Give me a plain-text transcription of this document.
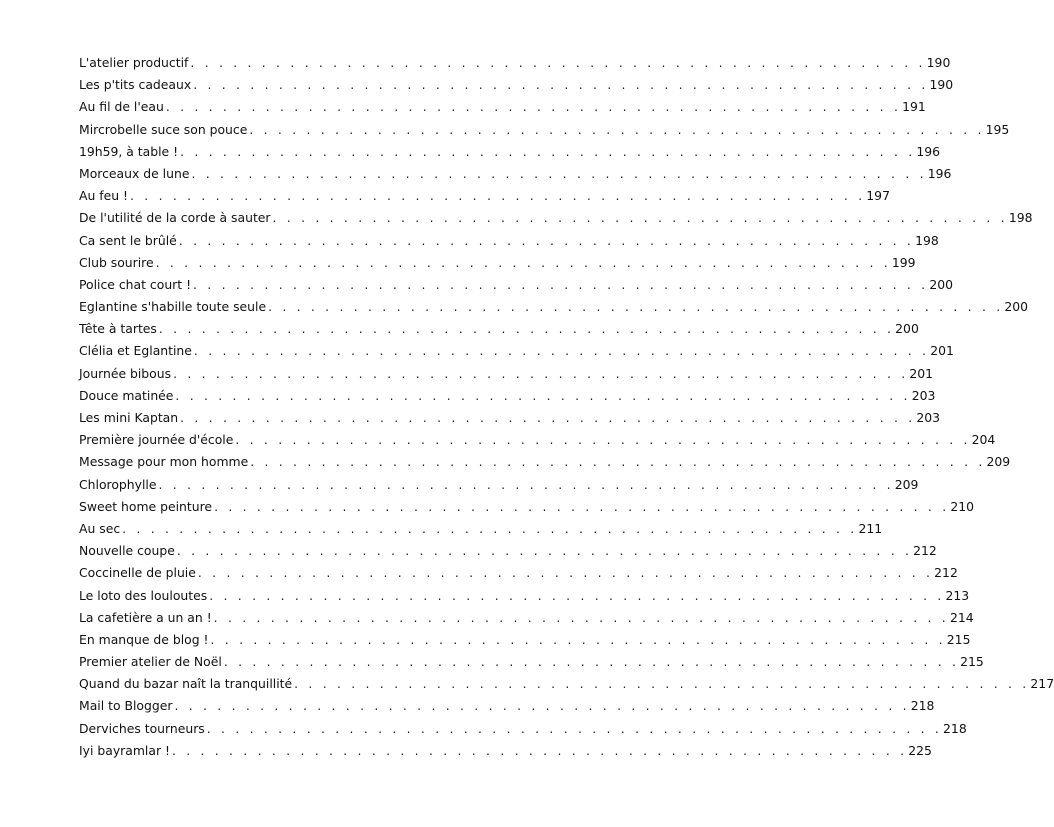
L'atelier productif . . . . . . . . . . . . . . . . . . . . . . . . . . . . . . . . . . . . . . . . . . . . . . . . . . . . 190
Les p'tits cadeaux . . . . . . . . . . . . . . . . . . . . . . . . . . . . . . . . . . . . . . . . . . . . . . . . . . . . 190
Au fil de l'eau . . . . . . . . . . . . . . . . . . . . . . . . . . . . . . . . . . . . . . . . . . . . . . . . . . . . 191
Mircrobelle suce son pouce . . . . . . . . . . . . . . . . . . . . . . . . . . . . . . . . . . . . . . . . . . . . . . . . . . . . 195
19h59, à table ! . . . . . . . . . . . . . . . . . . . . . . . . . . . . . . . . . . . . . . . . . . . . . . . . . . . . 196
Morceaux de lune . . . . . . . . . . . . . . . . . . . . . . . . . . . . . . . . . . . . . . . . . . . . . . . . . . . . 196
Au feu ! . . . . . . . . . . . . . . . . . . . . . . . . . . . . . . . . . . . . . . . . . . . . . . . . . . . . 197
De l'utilité de la corde à sauter . . . . . . . . . . . . . . . . . . . . . . . . . . . . . . . . . . . . . . . . . . . . . . . . . . . . 198
Ca sent le brûlé . . . . . . . . . . . . . . . . . . . . . . . . . . . . . . . . . . . . . . . . . . . . . . . . . . . . 198
Club sourire . . . . . . . . . . . . . . . . . . . . . . . . . . . . . . . . . . . . . . . . . . . . . . . . . . . . 199
Police chat court ! . . . . . . . . . . . . . . . . . . . . . . . . . . . . . . . . . . . . . . . . . . . . . . . . . . . . 200
Eglantine s'habille toute seule . . . . . . . . . . . . . . . . . . . . . . . . . . . . . . . . . . . . . . . . . . . . . . . . . . . . 200
Tête à tartes . . . . . . . . . . . . . . . . . . . . . . . . . . . . . . . . . . . . . . . . . . . . . . . . . . . . 200
Clélia et Eglantine . . . . . . . . . . . . . . . . . . . . . . . . . . . . . . . . . . . . . . . . . . . . . . . . . . . . 201
Journée bibous . . . . . . . . . . . . . . . . . . . . . . . . . . . . . . . . . . . . . . . . . . . . . . . . . . . . 201
Douce matinée . . . . . . . . . . . . . . . . . . . . . . . . . . . . . . . . . . . . . . . . . . . . . . . . . . . . 203
Les mini Kaptan . . . . . . . . . . . . . . . . . . . . . . . . . . . . . . . . . . . . . . . . . . . . . . . . . . . . 203
Première journée d'école . . . . . . . . . . . . . . . . . . . . . . . . . . . . . . . . . . . . . . . . . . . . . . . . . . . . 204
Message pour mon homme . . . . . . . . . . . . . . . . . . . . . . . . . . . . . . . . . . . . . . . . . . . . . . . . . . . . 209
Chlorophylle . . . . . . . . . . . . . . . . . . . . . . . . . . . . . . . . . . . . . . . . . . . . . . . . . . . . 209
Sweet home peinture . . . . . . . . . . . . . . . . . . . . . . . . . . . . . . . . . . . . . . . . . . . . . . . . . . . . 210
Au sec . . . . . . . . . . . . . . . . . . . . . . . . . . . . . . . . . . . . . . . . . . . . . . . . . . . . 211
Nouvelle coupe . . . . . . . . . . . . . . . . . . . . . . . . . . . . . . . . . . . . . . . . . . . . . . . . . . . . 212
Coccinelle de pluie . . . . . . . . . . . . . . . . . . . . . . . . . . . . . . . . . . . . . . . . . . . . . . . . . . . . 212
Le loto des louloutes . . . . . . . . . . . . . . . . . . . . . . . . . . . . . . . . . . . . . . . . . . . . . . . . . . . . 213
La cafetière a un an ! . . . . . . . . . . . . . . . . . . . . . . . . . . . . . . . . . . . . . . . . . . . . . . . . . . . . 214
En manque de blog ! . . . . . . . . . . . . . . . . . . . . . . . . . . . . . . . . . . . . . . . . . . . . . . . . . . . . 215
Premier atelier de Noël . . . . . . . . . . . . . . . . . . . . . . . . . . . . . . . . . . . . . . . . . . . . . . . . . . . . 215
Quand du bazar naît la tranquillité . . . . . . . . . . . . . . . . . . . . . . . . . . . . . . . . . . . . . . . . . . . . . . . . . . . . 217
Mail to Blogger . . . . . . . . . . . . . . . . . . . . . . . . . . . . . . . . . . . . . . . . . . . . . . . . . . . . 218
Derviches tourneurs . . . . . . . . . . . . . . . . . . . . . . . . . . . . . . . . . . . . . . . . . . . . . . . . . . . . 218
Iyi bayramlar ! . . . . . . . . . . . . . . . . . . . . . . . . . . . . . . . . . . . . . . . . . . . . . . . . . . . . 225
